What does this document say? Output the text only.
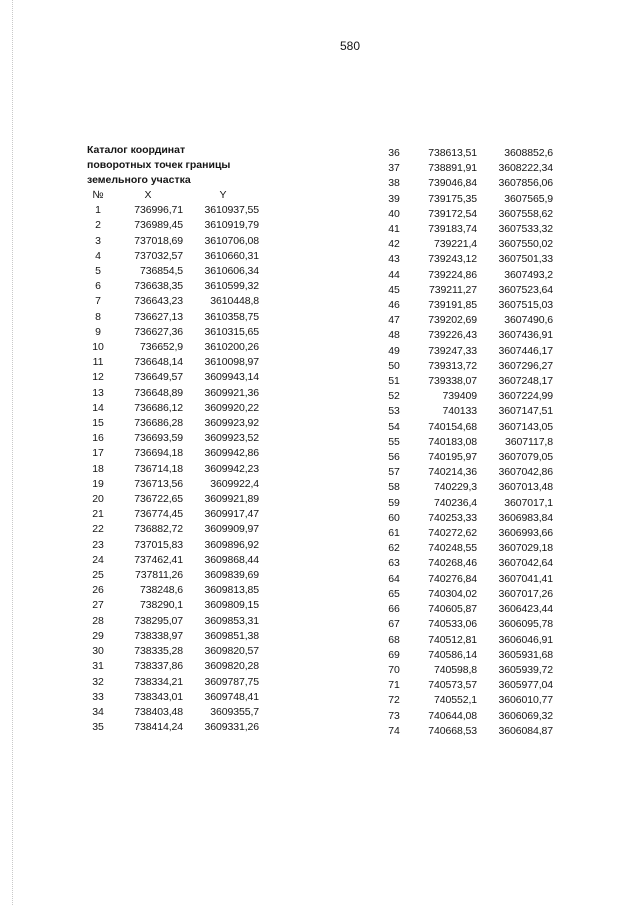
580
Каталог координат
поворотных точек границы
земельного участка
№	X	Y
1	736996,71	3610937,55
2	736989,45	3610919,79
3	737018,69	3610706,08
4	737032,57	3610660,31
5	736854,5	3610606,34
6	736638,35	3610599,32
7	736643,23	3610448,8
8	736627,13	3610358,75
9	736627,36	3610315,65
10	736652,9	3610200,26
11	736648,14	3610098,97
12	736649,57	3609943,14
13	736648,89	3609921,36
14	736686,12	3609920,22
15	736686,28	3609923,92
16	736693,59	3609923,52
17	736694,18	3609942,86
18	736714,18	3609942,23
19	736713,56	3609922,4
20	736722,65	3609921,89
21	736774,45	3609917,47
22	736882,72	3609909,97
23	737015,83	3609896,92
24	737462,41	3609868,44
25	737811,26	3609839,69
26	738248,6	3609813,85
27	738290,1	3609809,15
28	738295,07	3609853,31
29	738338,97	3609851,38
30	738335,28	3609820,57
31	738337,86	3609820,28
32	738334,21	3609787,75
33	738343,01	3609748,41
34	738403,48	3609355,7
35	738414,24	3609331,26
36	738613,51	3608852,6
37	738891,91	3608222,34
38	739046,84	3607856,06
39	739175,35	3607565,9
40	739172,54	3607558,62
41	739183,74	3607533,32
42	739221,4	3607550,02
43	739243,12	3607501,33
44	739224,86	3607493,2
45	739211,27	3607523,64
46	739191,85	3607515,03
47	739202,69	3607490,6
48	739226,43	3607436,91
49	739247,33	3607446,17
50	739313,72	3607296,27
51	739338,07	3607248,17
52	739409	3607224,99
53	740133	3607147,51
54	740154,68	3607143,05
55	740183,08	3607117,8
56	740195,97	3607079,05
57	740214,36	3607042,86
58	740229,3	3607013,48
59	740236,4	3607017,1
60	740253,33	3606983,84
61	740272,62	3606993,66
62	740248,55	3607029,18
63	740268,46	3607042,64
64	740276,84	3607041,41
65	740304,02	3607017,26
66	740605,87	3606423,44
67	740533,06	3606095,78
68	740512,81	3606046,91
69	740586,14	3605931,68
70	740598,8	3605939,72
71	740573,57	3605977,04
72	740552,1	3606010,77
73	740644,08	3606069,32
74	740668,53	3606084,87
